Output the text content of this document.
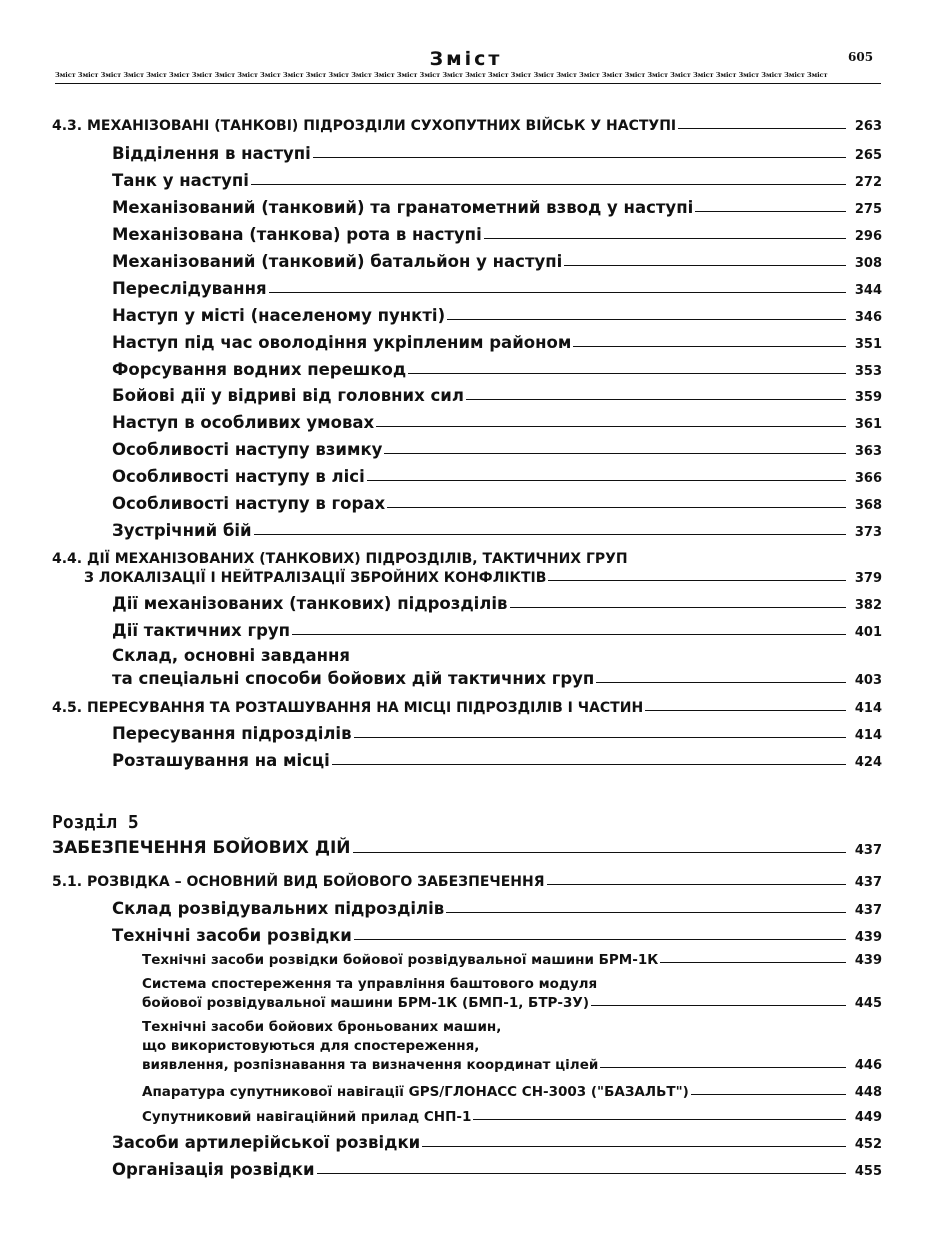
Зміст	605
Зміст Зміст Зміст Зміст Зміст Зміст Зміст Зміст Зміст Зміст Зміст Зміст Зміст Зміст Зміст Зміст Зміст Зміст Зміст Зміст Зміст Зміст Зміст Зміст Зміст Зміст Зміст Зміст Зміст Зміст Зміст Зміст Зміст Зміст
4.3. МЕХАНІЗОВАНІ (ТАНКОВІ) ПІДРОЗДІЛИ СУХОПУТНИХ ВІЙСЬК У НАСТУПІ	263
Відділення в наступі	265
Танк у наступі	272
Механізований (танковий) та гранатометний взвод у наступі	275
Механізована (танкова) рота в наступі	296
Механізований (танковий) батальйон у наступі	308
Переслідування	344
Наступ у місті (населеному пункті)	346
Наступ під час оволодіння укріпленим районом	351
Форсування водних перешкод	353
Бойові дії у відриві від головних сил	359
Наступ в особливих умовах	361
Особливості наступу взимку	363
Особливості наступу в лісі	366
Особливості наступу в горах	368
Зустрічний бій	373
4.4. ДІЇ МЕХАНІЗОВАНИХ (ТАНКОВИХ) ПІДРОЗДІЛІВ, ТАКТИЧНИХ ГРУП
З ЛОКАЛІЗАЦІЇ І НЕЙТРАЛІЗАЦІЇ ЗБРОЙНИХ КОНФЛІКТІВ	379
Дії механізованих (танкових) підрозділів	382
Дії тактичних груп	401
Склад, основні завдання
та спеціальні способи бойових дій тактичних груп	403
4.5. ПЕРЕСУВАННЯ ТА РОЗТАШУВАННЯ НА МІСЦІ ПІДРОЗДІЛІВ І ЧАСТИН	414
Пересування підрозділів	414
Розташування на місці	424
Розділ 5
ЗАБЕЗПЕЧЕННЯ БОЙОВИХ ДІЙ	437
5.1. РОЗВІДКА – ОСНОВНИЙ ВИД БОЙОВОГО ЗАБЕЗПЕЧЕННЯ	437
Склад розвідувальних підрозділів	437
Технічні засоби розвідки	439
Технічні засоби розвідки бойової розвідувальної машини БРМ-1К	439
Система спостереження та управління баштового модуля
бойової розвідувальної машини БРМ-1К (БМП-1, БТР-3У)	445
Технічні засоби бойових броньованих машин,
що використовуються для спостереження,
виявлення, розпізнавання та визначення координат цілей	446
Апаратура супутникової навігації GPS/ГЛОНАСС СН-3003 ("БАЗАЛЬТ")	448
Супутниковий навігаційний прилад СНП-1	449
Засоби артилерійської розвідки	452
Організація розвідки	455
